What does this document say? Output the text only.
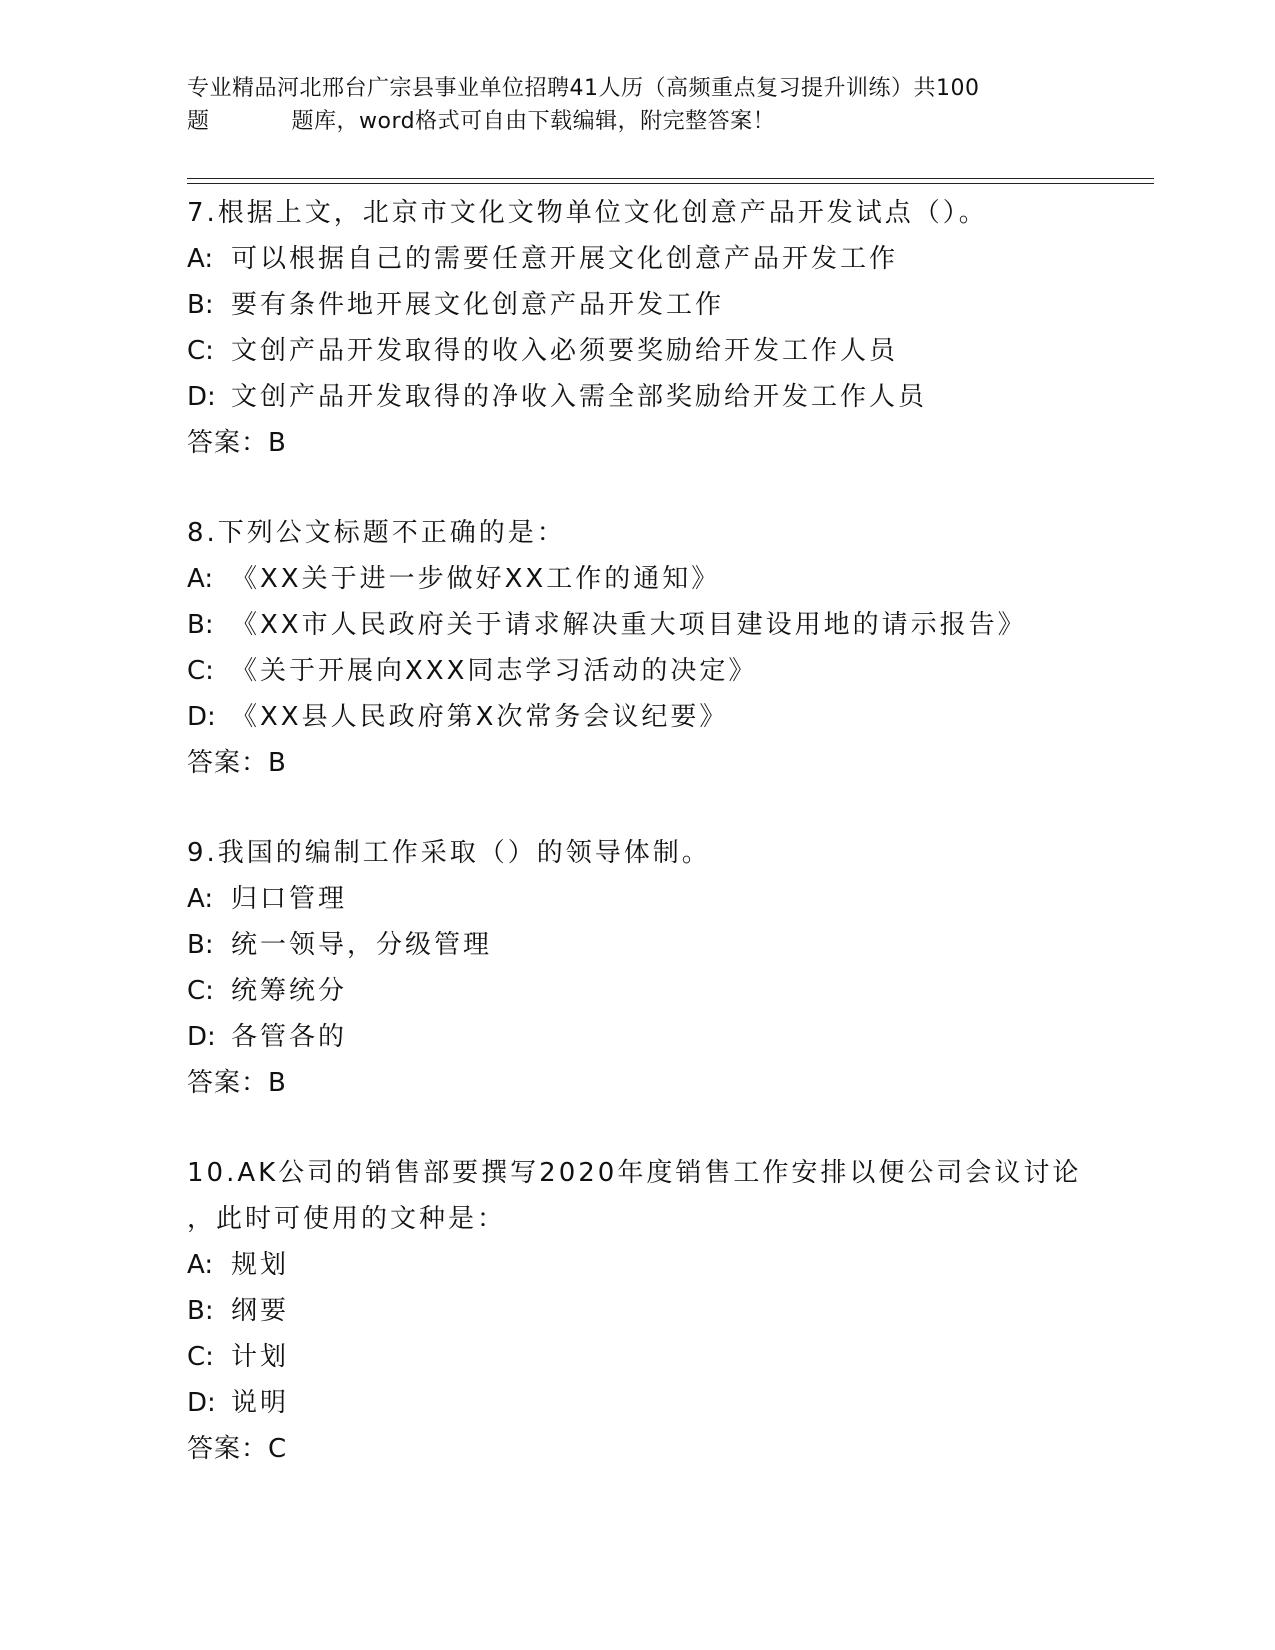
专业精品河北邢台广宗县事业单位招聘41人历（高频重点复习提升训练）共100
题	题库，word格式可自由下载编辑，附完整答案！
7.根据上文，北京市文化文物单位文化创意产品开发试点（）。
A: 可以根据自己的需要任意开展文化创意产品开发工作
B: 要有条件地开展文化创意产品开发工作
C: 文创产品开发取得的收入必须要奖励给开发工作人员
D: 文创产品开发取得的净收入需全部奖励给开发工作人员
答案：B
8.下列公文标题不正确的是：
A: 《XX关于进一步做好XX工作的通知》
B: 《XX市人民政府关于请求解决重大项目建设用地的请示报告》
C: 《关于开展向XXX同志学习活动的决定》
D: 《XX县人民政府第X次常务会议纪要》
答案：B
9.我国的编制工作采取（）的领导体制。
A: 归口管理
B: 统一领导，分级管理
C: 统筹统分
D: 各管各的
答案：B
10.AK公司的销售部要撰写2020年度销售工作安排以便公司会议讨论
，此时可使用的文种是：
A: 规划
B: 纲要
C: 计划
D: 说明
答案：C
